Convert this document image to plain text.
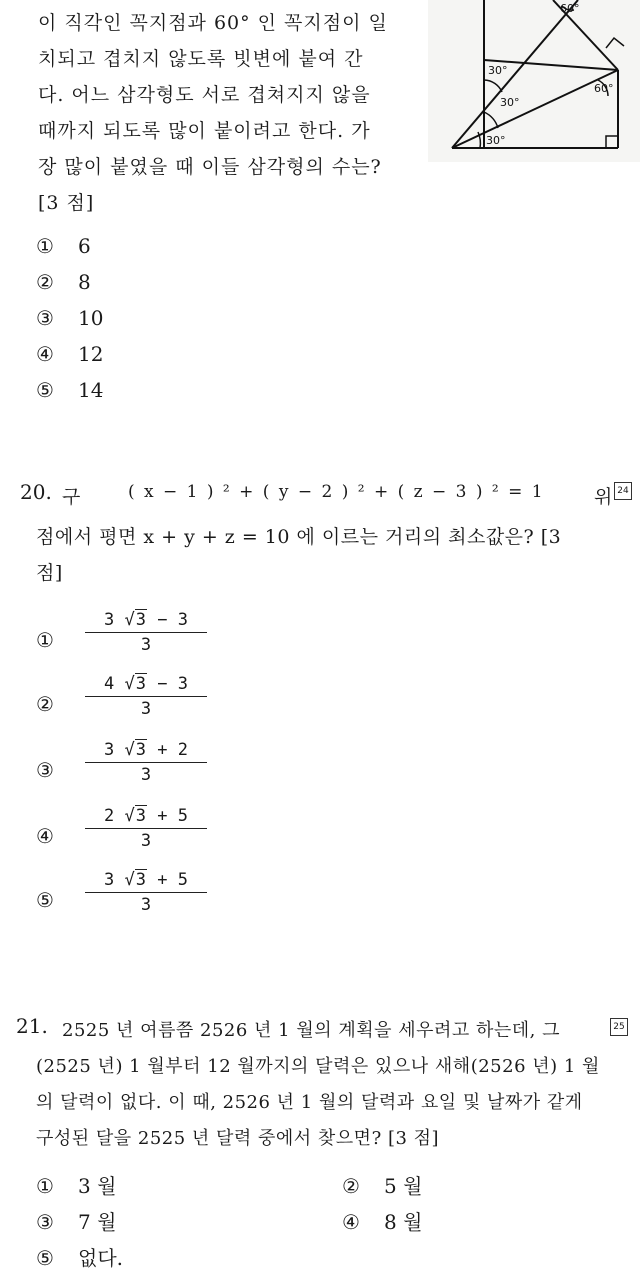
이 직각인 꼭지점과 60° 인 꼭지점이 일
치되고 겹치지 않도록 빗변에 붙여 간
다. 어느 삼각형도 서로 겹쳐지지 않을
때까지 되도록 많이 붙이려고 한다. 가
장 많이 붙였을 때 이들 삼각형의 수는?
[3 점]
60°
30°
60°
30°
30°
① 6
② 8
③ 10
④ 12
⑤ 14
20. 구	( x − 1 ) ² + ( y − 2 ) ² + ( z − 3 ) ² = 1	위 24
점에서 평면 x + y + z = 10 에 이르는 거리의 최소값은? [3
점]
① $\frac{3 √3 - 3}{3}$
② $\frac{4 √3 - 3}{3}$
③ $\frac{3 √3 + 2}{3}$
④ $\frac{2 √3 + 5}{3}$
⑤ $\frac{3 √3 + 5}{3}$
21. 2525 년 여름쯤 2526 년 1 월의 계획을 세우려고 하는데, 그	25
(2525 년) 1 월부터 12 월까지의 달력은 있으나 새해(2526 년) 1 월
의 달력이 없다. 이 때, 2526 년 1 월의 달력과 요일 및 날짜가 같게
구성된 달을 2525 년 달력 중에서 찾으면? [3 점]
① 3 월	② 5 월
③ 7 월	④ 8 월
⑤ 없다.
